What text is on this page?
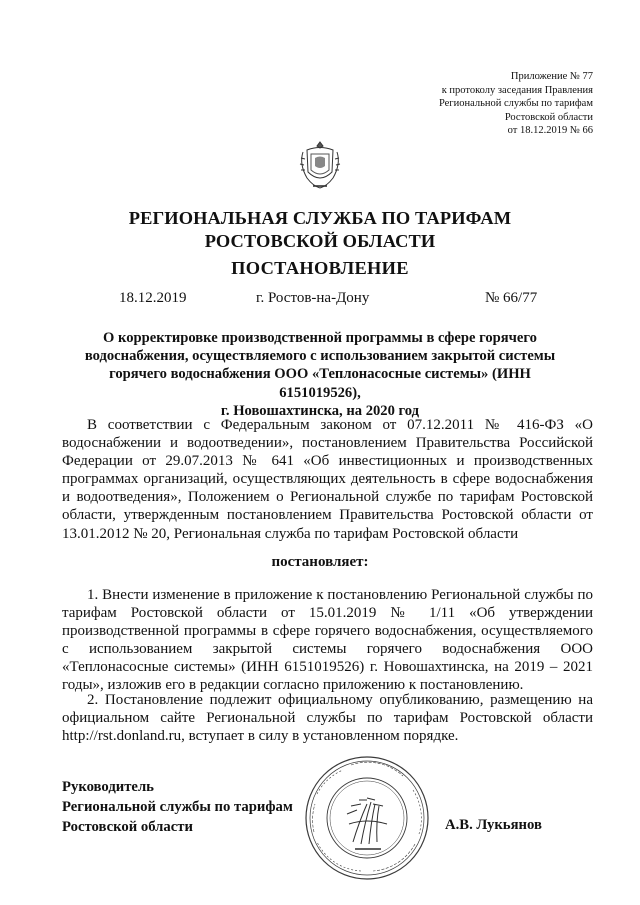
Приложение № 77
к протоколу заседания Правления
Региональной службы по тарифам
Ростовской области
от 18.12.2019 № 66
РЕГИОНАЛЬНАЯ СЛУЖБА ПО ТАРИФАМ
РОСТОВСКОЙ ОБЛАСТИ
ПОСТАНОВЛЕНИЕ
18.12.2019	г. Ростов-на-Дону	№ 66/77
О корректировке производственной программы в сфере горячего
водоснабжения, осуществляемого с использованием закрытой системы
горячего водоснабжения ООО «Теплонасосные системы» (ИНН 6151019526),
г. Новошахтинска, на 2020 год

В соответствии с Федеральным законом от 07.12.2011 № 416-ФЗ «О водоснабжении и водоотведении», постановлением Правительства Российской Федерации от 29.07.2013 № 641 «Об инвестиционных и производственных программах организаций, осуществляющих деятельность в сфере водоснабжения и водоотведения», Положением о Региональной службе по тарифам Ростовской области, утвержденным постановлением Правительства Ростовской области от 13.01.2012 № 20, Региональная служба по тарифам Ростовской области

постановляет:

1. Внести изменение в приложение к постановлению Региональной службы по тарифам Ростовской области от 15.01.2019 № 1/11 «Об утверждении производственной программы в сфере горячего водоснабжения, осуществляемого с использованием закрытой системы горячего водоснабжения ООО «Теплонасосные системы» (ИНН 6151019526) г. Новошахтинска, на 2019 – 2021 годы», изложив его в редакции согласно приложению к постановлению.

2. Постановление подлежит официальному опубликованию, размещению на официальном сайте Региональной службы по тарифам Ростовской области http://rst.donland.ru, вступает в силу в установленном порядке.

Руководитель
Региональной службы по тарифам
Ростовской области	А.В. Лукьянов
